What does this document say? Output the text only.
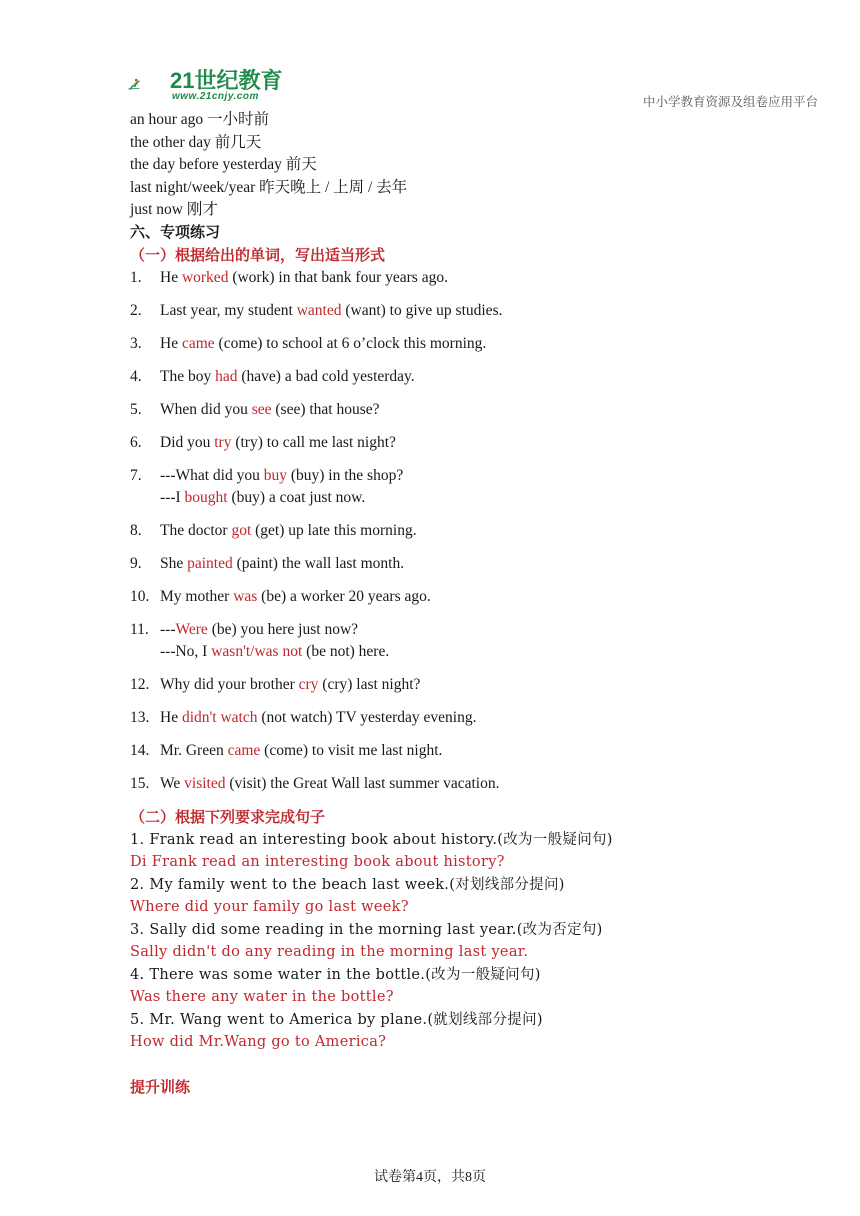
21世纪教育
www.21cnjy.com	中小学教育资源及组卷应用平台
an hour ago 一小时前
the other day 前几天
the day before yesterday 前天
last night/week/year 昨天晚上 / 上周 / 去年
just now 刚才
六、专项练习
（一）根据给出的单词，写出适当形式
1. He worked (work) in that bank four years ago.
2. Last year, my student wanted (want) to give up studies.
3. He came (come) to school at 6 o’clock this morning.
4. The boy had (have) a bad cold yesterday.
5. When did you see (see) that house?
6. Did you try (try) to call me last night?
7. ---What did you buy (buy) in the shop?
---I bought (buy) a coat just now.
8. The doctor got (get) up late this morning.
9. She painted (paint) the wall last month.
10. My mother was (be) a worker 20 years ago.
11. ---Were (be) you here just now?
---No, I wasn't/was not (be not) here.
12. Why did your brother cry (cry) last night?
13. He didn't watch (not watch) TV yesterday evening.
14. Mr. Green came (come) to visit me last night.
15. We visited (visit) the Great Wall last summer vacation.
（二）根据下列要求完成句子
1. Frank read an interesting book about history.(改为一般疑问句)
Di Frank read an interesting book about history?
2. My family went to the beach last week.(对划线部分提问)
Where did your family go last week?
3. Sally did some reading in the morning last year.(改为否定句)
Sally didn't do any reading in the morning last year.
4. There was some water in the bottle.(改为一般疑问句)
Was there any water in the bottle?
5. Mr. Wang went to America by plane.(就划线部分提问)
How did Mr.Wang go to America?
提升训练
试卷第4页，共8页
